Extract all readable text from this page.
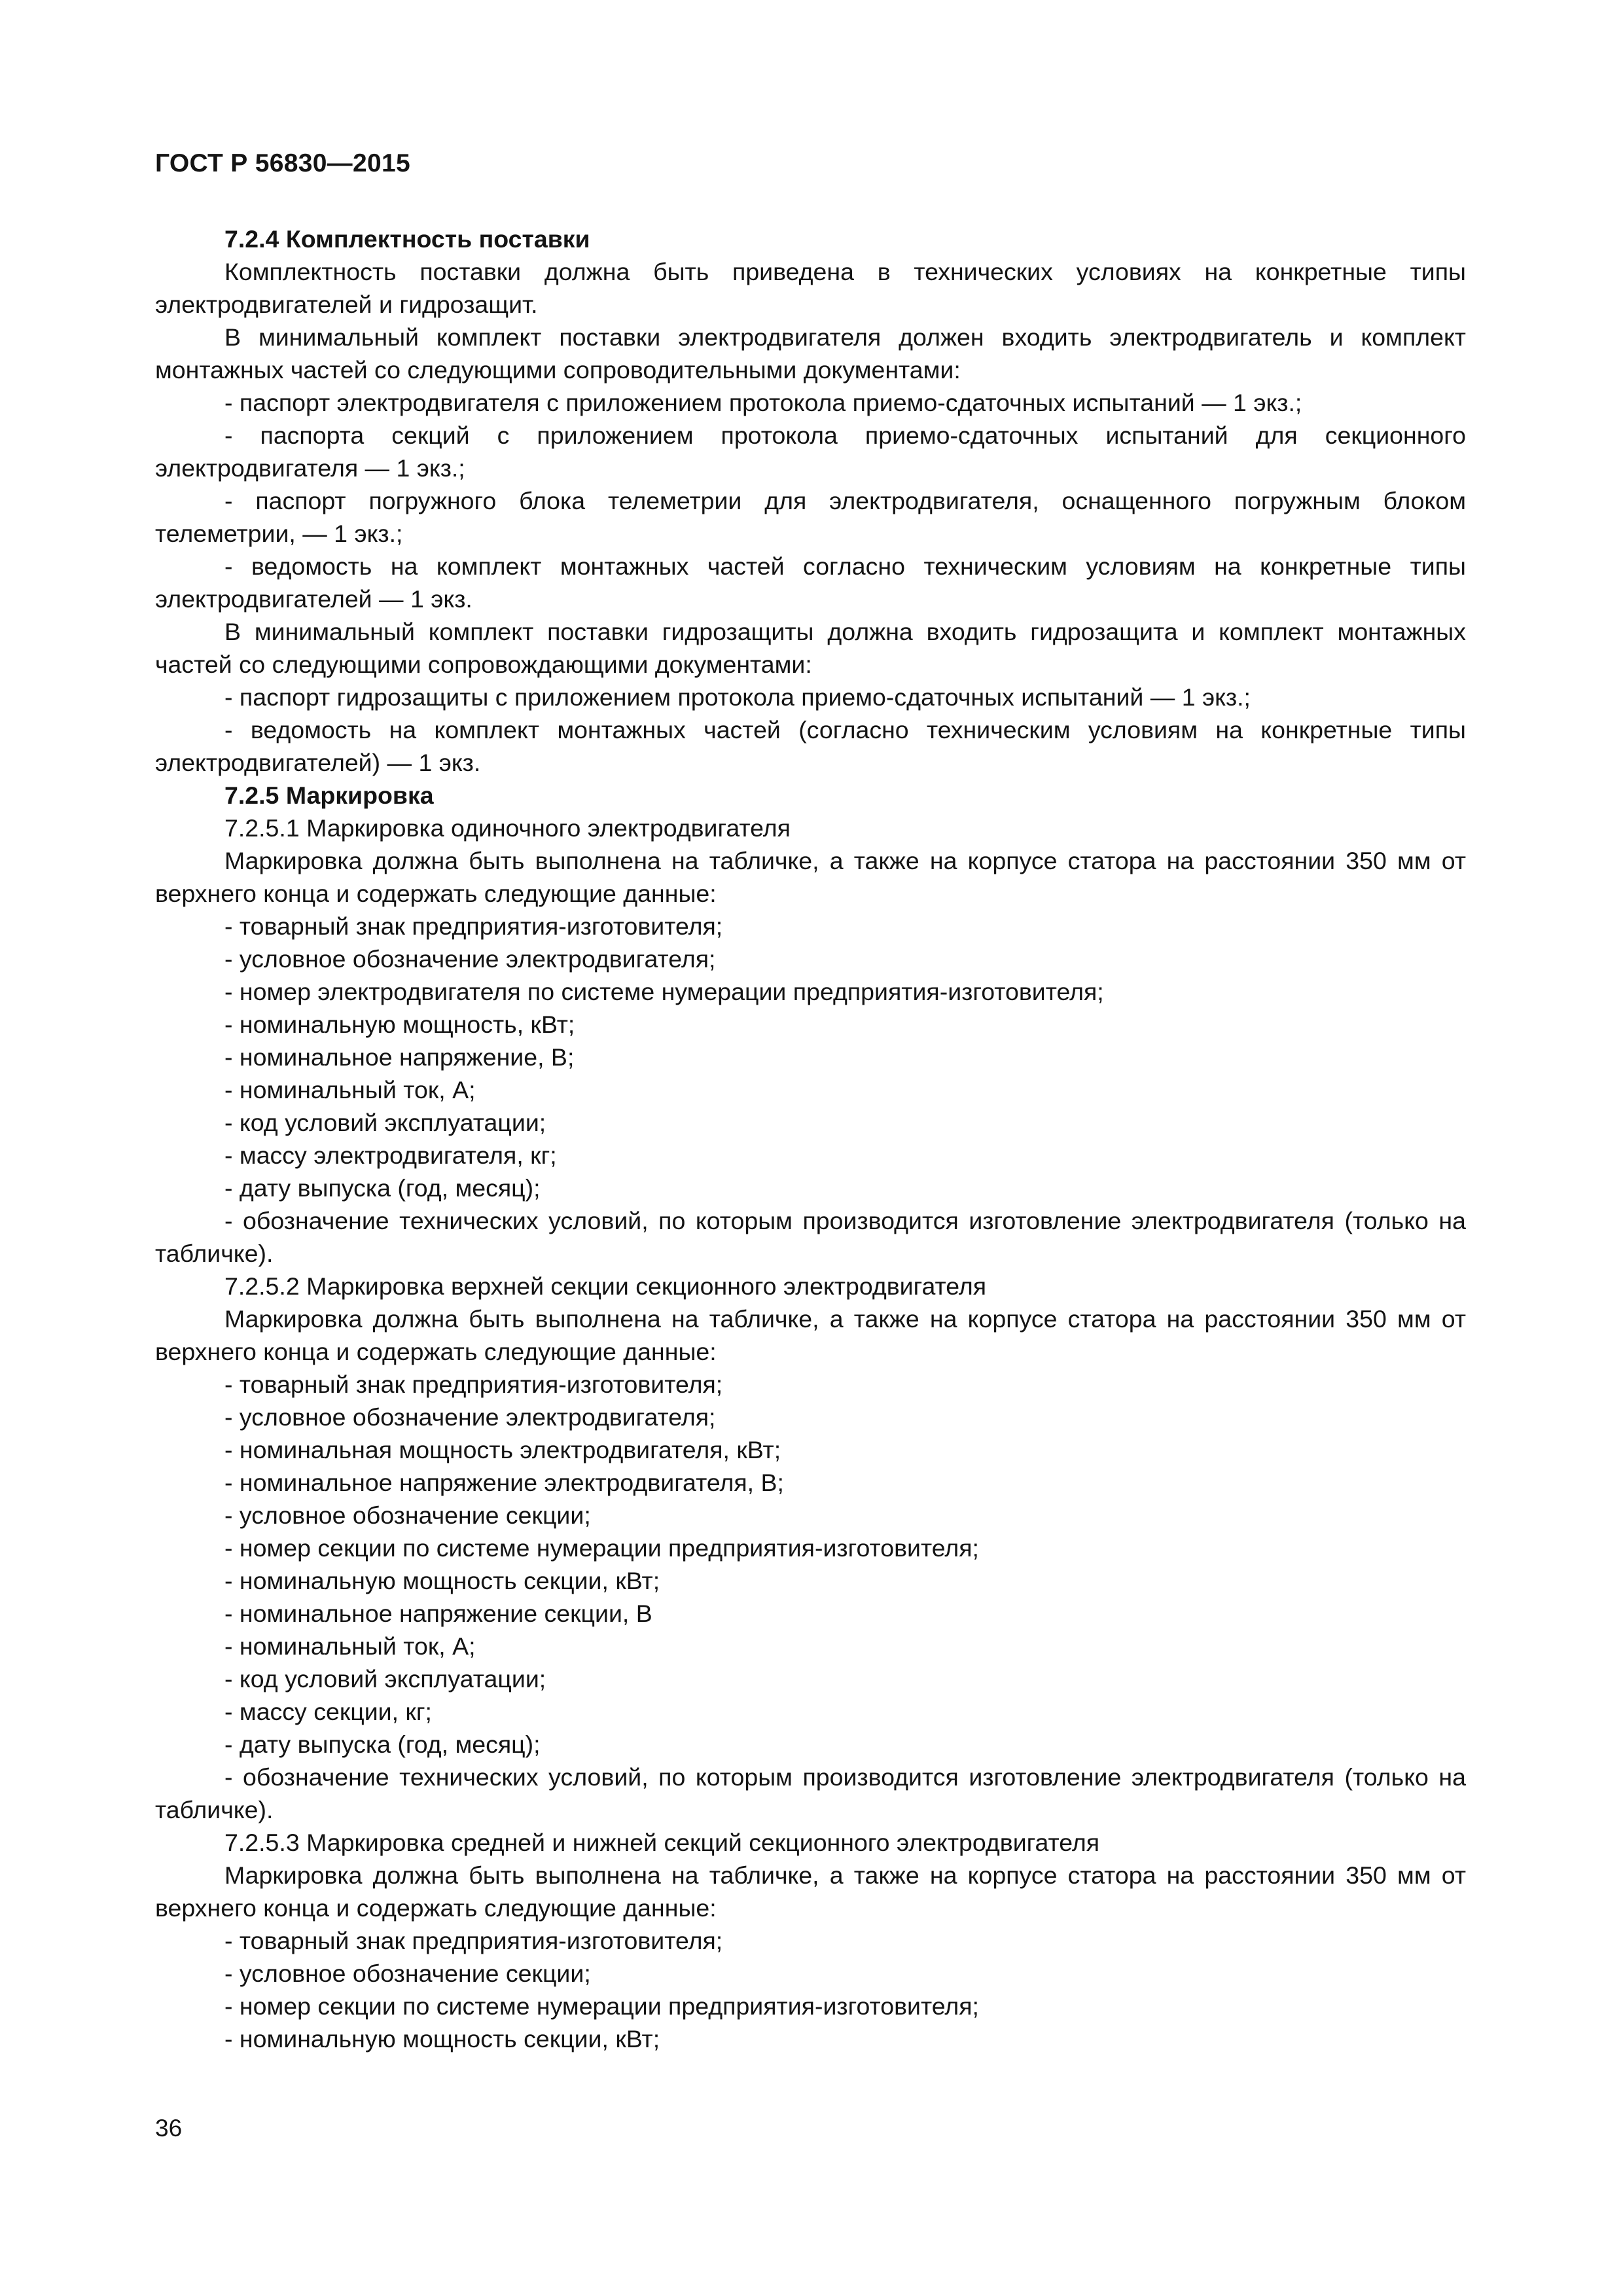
ГОСТ Р 56830—2015

7.2.4 Комплектность поставки

Комплектность поставки должна быть приведена в технических условиях на конкретные типы электродвигателей и гидрозащит.

В минимальный комплект поставки электродвигателя должен входить электродвигатель и комплект монтажных частей со следующими сопроводительными документами:

- паспорт электродвигателя с приложением протокола приемо-сдаточных испытаний — 1 экз.;

- паспорта секций с приложением протокола приемо-сдаточных испытаний для секционного электродвигателя — 1 экз.;

- паспорт погружного блока телеметрии для электродвигателя, оснащенного погружным блоком телеметрии, — 1 экз.;

- ведомость на комплект монтажных частей согласно техническим условиям на конкретные типы электродвигателей — 1 экз.

В минимальный комплект поставки гидрозащиты должна входить гидрозащита и комплект монтажных частей со следующими сопровождающими документами:

- паспорт гидрозащиты с приложением протокола приемо-сдаточных испытаний — 1 экз.;

- ведомость на комплект монтажных частей (согласно техническим условиям на конкретные типы электродвигателей) — 1 экз.

7.2.5 Маркировка

7.2.5.1 Маркировка одиночного электродвигателя

Маркировка должна быть выполнена на табличке, а также на корпусе статора на расстоянии 350 мм от верхнего конца и содержать следующие данные:

- товарный знак предприятия-изготовителя;

- условное обозначение электродвигателя;

- номер электродвигателя по системе нумерации предприятия-изготовителя;

- номинальную мощность, кВт;

- номинальное напряжение, В;

- номинальный ток, А;

- код условий эксплуатации;

- массу электродвигателя, кг;

- дату выпуска (год, месяц);

- обозначение технических условий, по которым производится изготовление электродвигателя (только на табличке).

7.2.5.2 Маркировка верхней секции секционного электродвигателя

Маркировка должна быть выполнена на табличке, а также на корпусе статора на расстоянии 350 мм от верхнего конца и содержать следующие данные:

- товарный знак предприятия-изготовителя;

- условное обозначение электродвигателя;

- номинальная мощность электродвигателя, кВт;

- номинальное напряжение электродвигателя, В;

- условное обозначение секции;

- номер секции по системе нумерации предприятия-изготовителя;

- номинальную мощность секции, кВт;

- номинальное напряжение секции, В

- номинальный ток, А;

- код условий эксплуатации;

- массу секции, кг;

- дату выпуска (год, месяц);

- обозначение технических условий, по которым производится изготовление электродвигателя (только на табличке).

7.2.5.3 Маркировка средней и нижней секций секционного электродвигателя

Маркировка должна быть выполнена на табличке, а также на корпусе статора на расстоянии 350 мм от верхнего конца и содержать следующие данные:

- товарный знак предприятия-изготовителя;

- условное обозначение секции;

- номер секции по системе нумерации предприятия-изготовителя;

- номинальную мощность секции, кВт;

36
